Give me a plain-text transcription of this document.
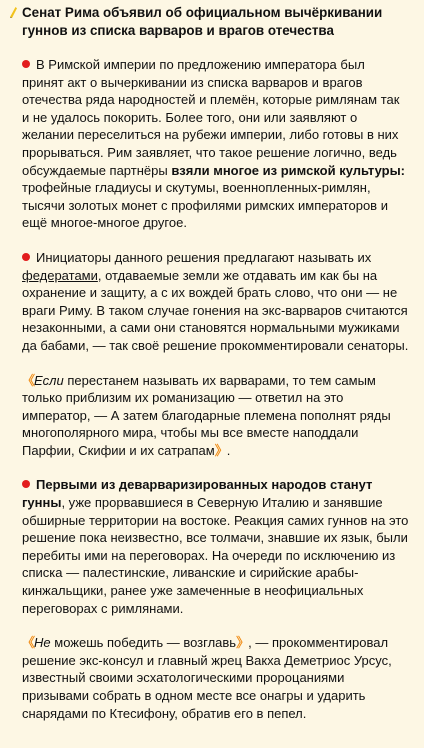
Сенат Рима объявил об официальном вычёркивании гуннов из списка варваров и врагов отечества

В Римской империи по предложению императора был принят акт о вычеркивании из списка варваров и врагов отечества ряда народностей и племён, которые римлянам так и не удалось покорить. Более того, они или заявляют о желании переселиться на рубежи империи, либо готовы в них прорываться. Рим заявляет, что такое решение логично, ведь обсуждаемые партнёры взяли многое из римской культуры: трофейные гладиусы и скутумы, военнопленных-римлян, тысячи золотых монет с профилями римских императоров и ещё многое-многое другое.

Инициаторы данного решения предлагают называть их федератами, отдаваемые земли же отдавать им как бы на охранение и защиту, а с их вождей брать слово, что они — не враги Риму. В таком случае гонения на экс-варваров считаются незаконными, а сами они становятся нормальными мужиками да бабами, — так своё решение прокомментировали сенаторы.

《Если перестанем называть их варварами, то тем самым только приблизим их романизацию — ответил на это император, — А затем благодарные племена пополнят ряды многополярного мира, чтобы мы все вместе наподдали Парфии, Скифии и их сатрапам》.

Первыми из деварваризированных народов станут гунны, уже прорвавшиеся в Северную Италию и занявшие обширные территории на востоке. Реакция самих гуннов на это решение пока неизвестно, все толмачи, знавшие их язык, были перебиты ими на переговорах. На очереди по исключению из списка — палестинские, ливанские и сирийские арабы-кинжальщики, ранее уже замеченные в неофициальных переговорах с римлянами.

《Не можешь победить — возглавь》, — прокомментировал решение экс-консул и главный жрец Вакха Деметриос Урсус, известный своими эсхатологическими пророцаниями призывами собрать в одном месте все онагры и ударить снарядами по Ктесифону, обратив его в пепел.
